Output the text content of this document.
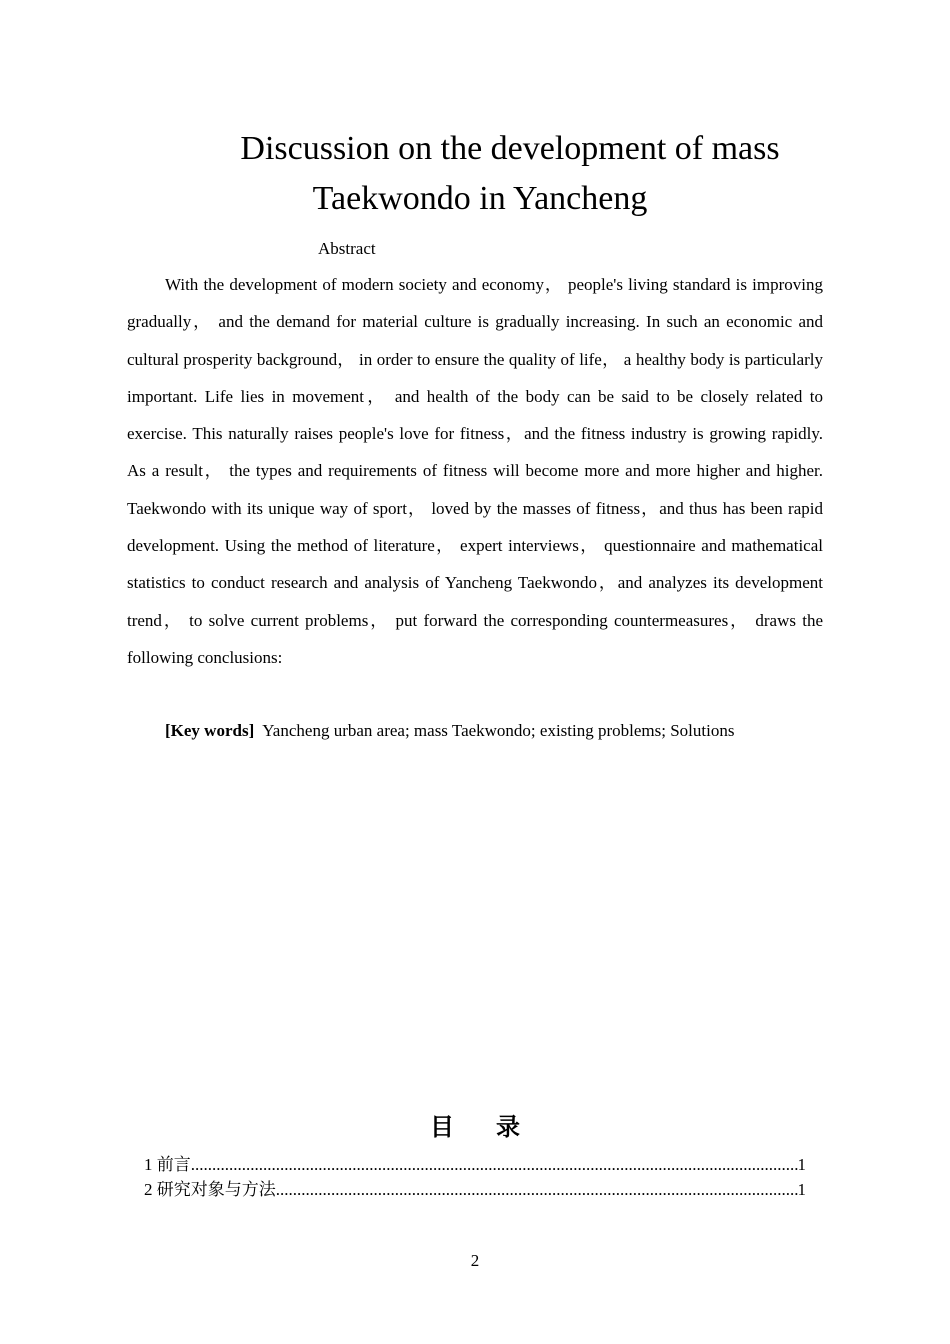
Discussion on the development of mass
Taekwondo in Yancheng
Abstract

With the development of modern society and economy， people's living standard is improving gradually， and the demand for material culture is gradually increasing. In such an economic and cultural prosperity background， in order to ensure the quality of life， a healthy body is particularly important. Life lies in movement， and health of the body can be said to be closely related to exercise. This naturally raises people's love for fitness，and the fitness industry is growing rapidly. As a result， the types and requirements of fitness will become more and more higher and higher. Taekwondo with its unique way of sport， loved by the masses of fitness，and thus has been rapid development. Using the method of literature， expert interviews， questionnaire and mathematical statistics to conduct research and analysis of Yancheng Taekwondo，and analyzes its development trend， to solve current problems， put forward the corresponding countermeasures， draws the following conclusions:

[Key words] Yancheng urban area; mass Taekwondo; existing problems; Solutions
目录
1 前言 .....	1
2 研究对象与方法 .....	1
2
